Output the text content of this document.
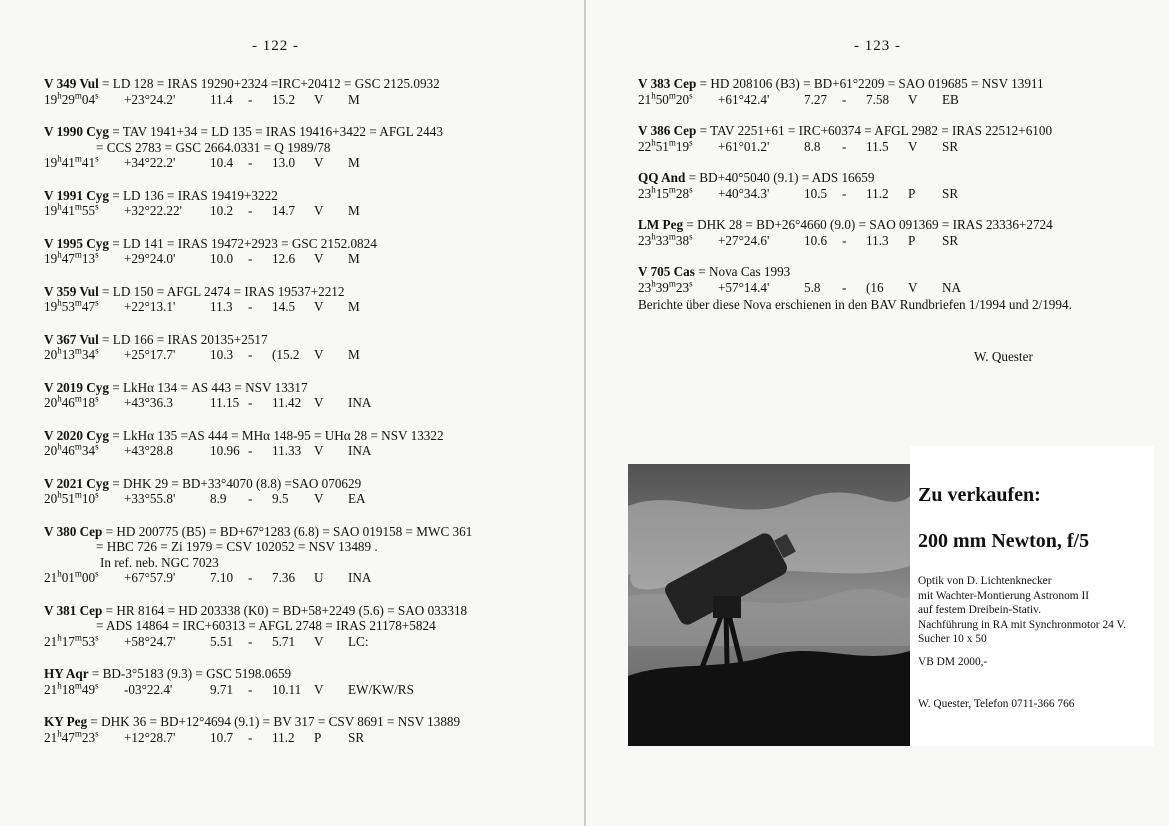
- 122 -
V 349 Vul = LD 128 = IRAS 19290+2324 =IRC+20412 = GSC 2125.0932
$19^h29^m04^s$	+23°24.2'	11.4	-	15.2	V	M
V 1990 Cyg = TAV 1941+34 = LD 135 = IRAS 19416+3422 = AFGL 2443
= CCS 2783 = GSC 2664.0331 = Q 1989/78
$19^h41^m41^s$	+34°22.2'	10.4	-	13.0	V	M
V 1991 Cyg = LD 136 = IRAS 19419+3222
$19^h41^m55^s$	+32°22.22'	10.2	-	14.7	V	M
V 1995 Cyg = LD 141 = IRAS 19472+2923 = GSC 2152.0824
$19^h47^m13^s$	+29°24.0'	10.0	-	12.6	V	M
V 359 Vul = LD 150 = AFGL 2474 = IRAS 19537+2212
$19^h53^m47^s$	+22°13.1'	11.3	-	14.5	V	M
V 367 Vul = LD 166 = IRAS 20135+2517
$20^h13^m34^s$	+25°17.7'	10.3	-	(15.2	V	M
V 2019 Cyg = LkHα 134 = AS 443 = NSV 13317
$20^h46^m18^s$	+43°36.3	11.15 -	11.42 V	INA
V 2020 Cyg = LkHα 135 =AS 444 = MHα 148-95 = UHα 28 = NSV 13322
$20^h46^m34^s$	+43°28.8	10.96 -	11.33 V	INA
V 2021 Cyg = DHK 29 = BD+33°4070 (8.8) =SAO 070629
$20^h51^m10^s$	+33°55.8'	8.9	-	9.5	V	EA
V 380 Cep = HD 200775 (B5) = BD+67°1283 (6.8) = SAO 019158 = MWC 361
= HBC 726 = Zi 1979 = CSV 102052 = NSV 13489 .
In ref. neb. NGC 7023
$21^h01^m00^s$	+67°57.9'	7.10	-	7.36	U	INA
V 381 Cep = HR 8164 = HD 203338 (K0) = BD+58+2249 (5.6) = SAO 033318
= ADS 14864 = IRC+60313 = AFGL 2748 = IRAS 21178+5824
$21^h17^m53^s$	+58°24.7'	5.51	-	5.71	V	LC:
HY Aqr = BD-3°5183 (9.3) = GSC 5198.0659
21$^h$18$^m$49$^s$	-03°22.4'	9.71	-	10.11 V	EW/KW/RS
KY Peg = DHK 36 = BD+12°4694 (9.1) = BV 317 = CSV 8691 = NSV 13889
$21^h47^m23^s$	+12°28.7'	10.7	-	11.2	P	SR
- 123 -
V 383 Cep = HD 208106 (B3) = BD+61°2209 = SAO 019685 = NSV 13911
$21^h50^m20^s$	+61°42.4'	7.27	-	7.58	V	EB
V 386 Cep = TAV 2251+61 = IRC+60374 = AFGL 2982 = IRAS 22512+6100
$22^h51^m19^s$	+61°01.2'	8.8	-	11.5	V	SR
QQ And = BD+40°5040 (9.1) = ADS 16659
$23^h15^m28^s$	+40°34.3'	10.5	-	11.2	P	SR
LM Peg = DHK 28 = BD+26°4660 (9.0) = SAO 091369 = IRAS 23336+2724
$23^h33^m38^s$	+27°24.6'	10.6	-	11.3	P	SR
V 705 Cas = Nova Cas 1993
$23^h39^m23^s$	+57°14.4'	5.8	-	(16	V	NA
Berichte über diese Nova erschienen in den BAV Rundbriefen 1/1994 und 2/1994.
W. Quester
Zu verkaufen:
200 mm Newton, f/5
Optik von D. Lichtenknecker
mit Wachter-Montierung Astronom II
auf festem Dreibein-Stativ.
Nachführung in RA mit Synchronmotor 24 V.
Sucher 10 x 50
VB DM 2000,-
W. Quester, Telefon 0711-366 766
